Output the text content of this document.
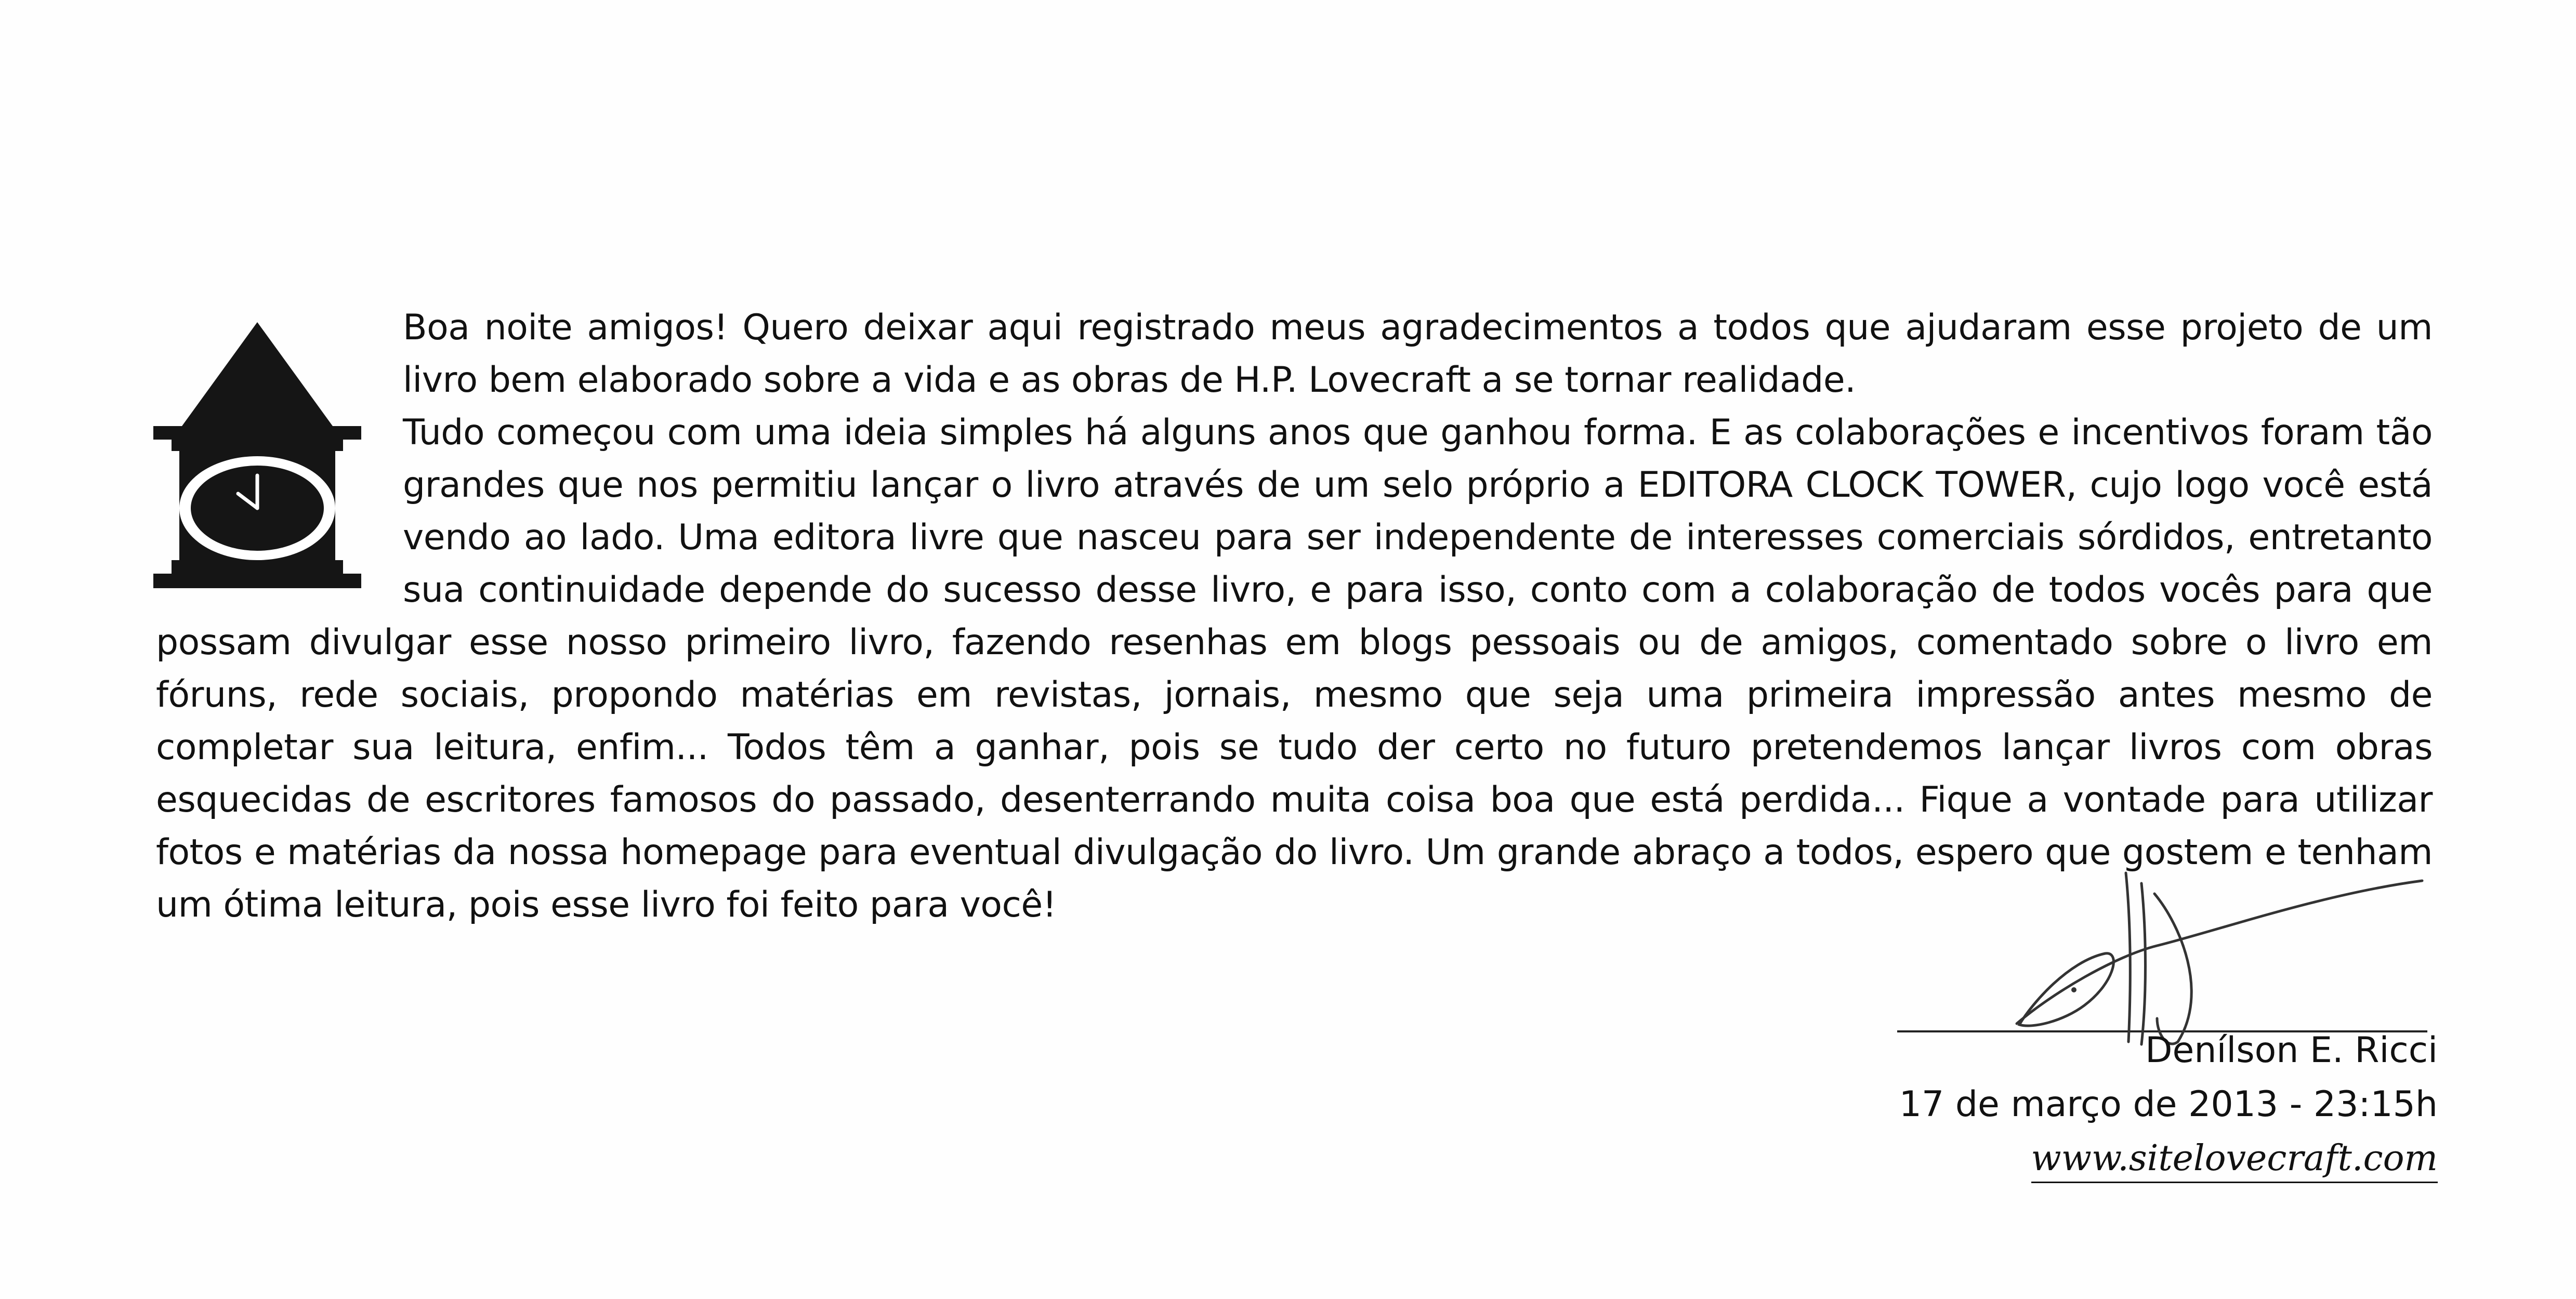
Boa noite amigos! Quero deixar aqui registrado meus agradecimentos a todos que ajudaram esse projeto de um livro bem elaborado sobre a vida e as obras de H.P. Lovecraft a se tornar realidade.

Tudo começou com uma ideia simples há alguns anos que ganhou forma. E as colaborações e incentivos foram tão grandes que nos permitiu lançar o livro através de um selo próprio a EDITORA CLOCK TOWER, cujo logo você está vendo ao lado. Uma editora livre que nasceu para ser independente de interesses comerciais sórdidos, entretanto sua continuidade depende do sucesso desse livro, e para isso, conto com a colaboração de todos vocês para que possam divulgar esse nosso primeiro livro, fazendo resenhas em blogs pessoais ou de amigos, comentado sobre o livro em fóruns, rede sociais, propondo matérias em revistas, jornais, mesmo que seja uma primeira impressão antes mesmo de completar sua leitura, enfim... Todos têm a ganhar, pois se tudo der certo no futuro pretendemos lançar livros com obras esquecidas de escritores famosos do passado, desenterrando muita coisa boa que está perdida... Fique a vontade para utilizar fotos e matérias da nossa homepage para eventual divulgação do livro. Um grande abraço a todos, espero que gostem e tenham um ótima leitura, pois esse livro foi feito para você!

Denílson E. Ricci
17 de março de 2013 - 23:15h
www.sitelovecraft.com
